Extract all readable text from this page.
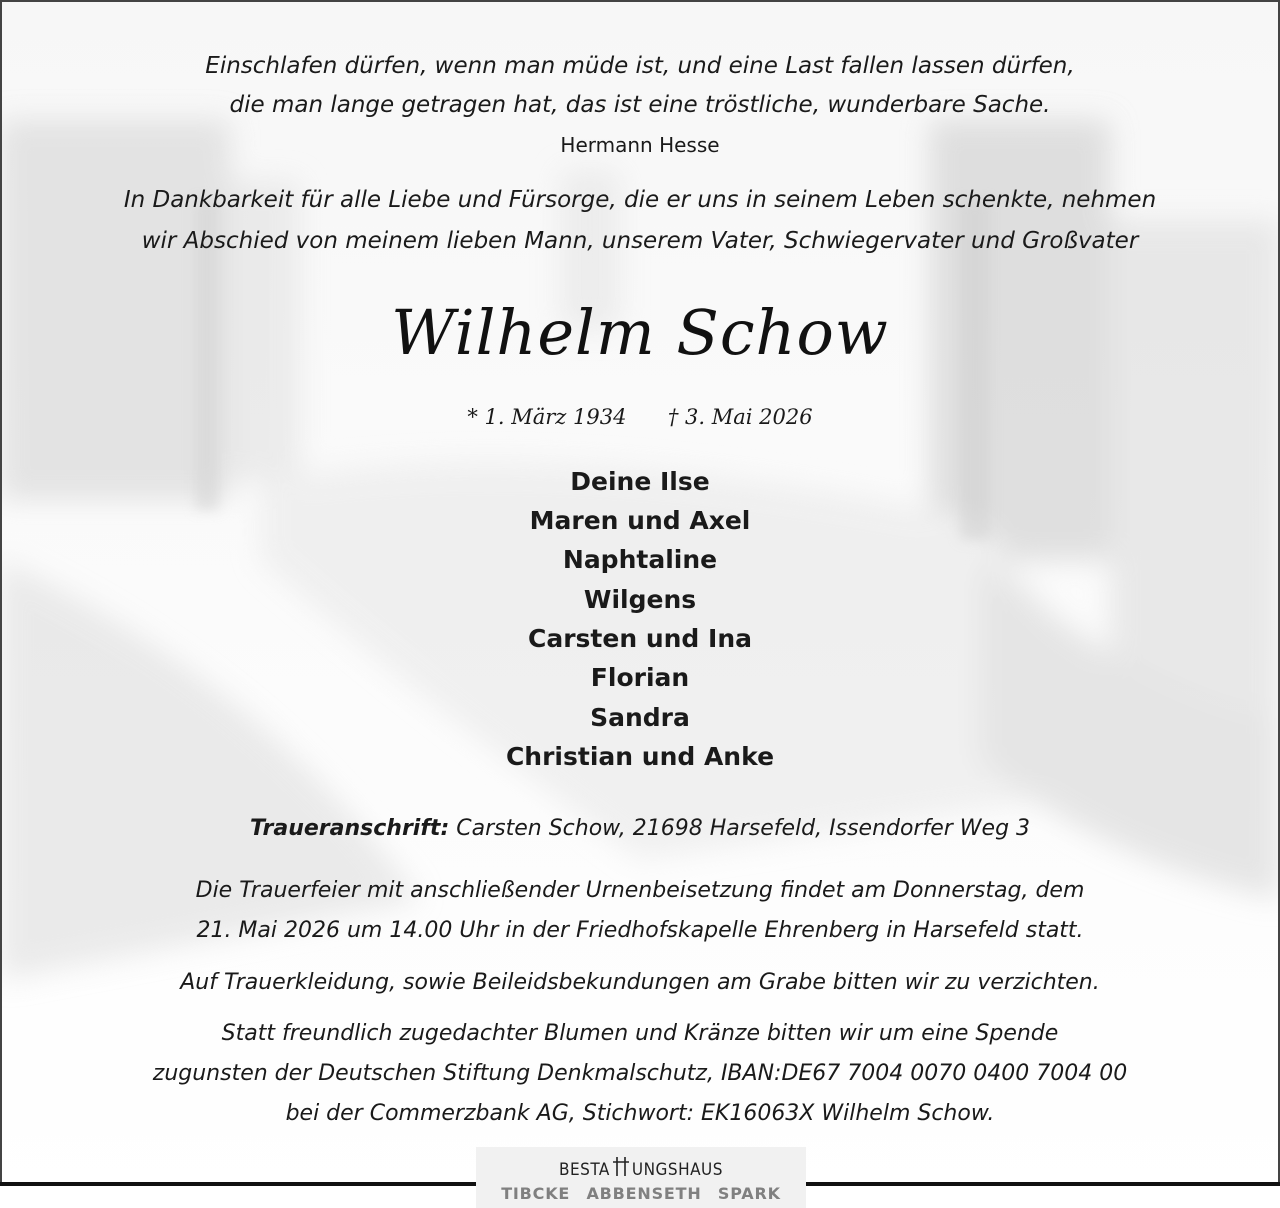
Einschlafen dürfen, wenn man müde ist, und eine Last fallen lassen dürfen,
die man lange getragen hat, das ist eine tröstliche, wunderbare Sache.
Hermann Hesse
In Dankbarkeit für alle Liebe und Fürsorge, die er uns in seinem Leben schenkte, nehmen
wir Abschied von meinem lieben Mann, unserem Vater, Schwiegervater und Großvater
Wilhelm Schow
* 1. März 1934 † 3. Mai 2026
Deine Ilse
Maren und Axel
Naphtaline
Wilgens
Carsten und Ina
Florian
Sandra
Christian und Anke
Traueranschrift: Carsten Schow, 21698 Harsefeld, Issendorfer Weg 3
Die Trauerfeier mit anschließender Urnenbeisetzung findet am Donnerstag, dem
21. Mai 2026 um 14.00 Uhr in der Friedhofskapelle Ehrenberg in Harsefeld statt.
Auf Trauerkleidung, sowie Beileidsbekundungen am Grabe bitten wir zu verzichten.
Statt freundlich zugedachter Blumen und Kränze bitten wir um eine Spende
zugunsten der Deutschen Stiftung Denkmalschutz, IBAN:DE67 7004 0070 0400 7004 00
bei der Commerzbank AG, Stichwort: EK16063X Wilhelm Schow.
BESTA UNGSHAUS
TIBCKE ABBENSETH SPARK
